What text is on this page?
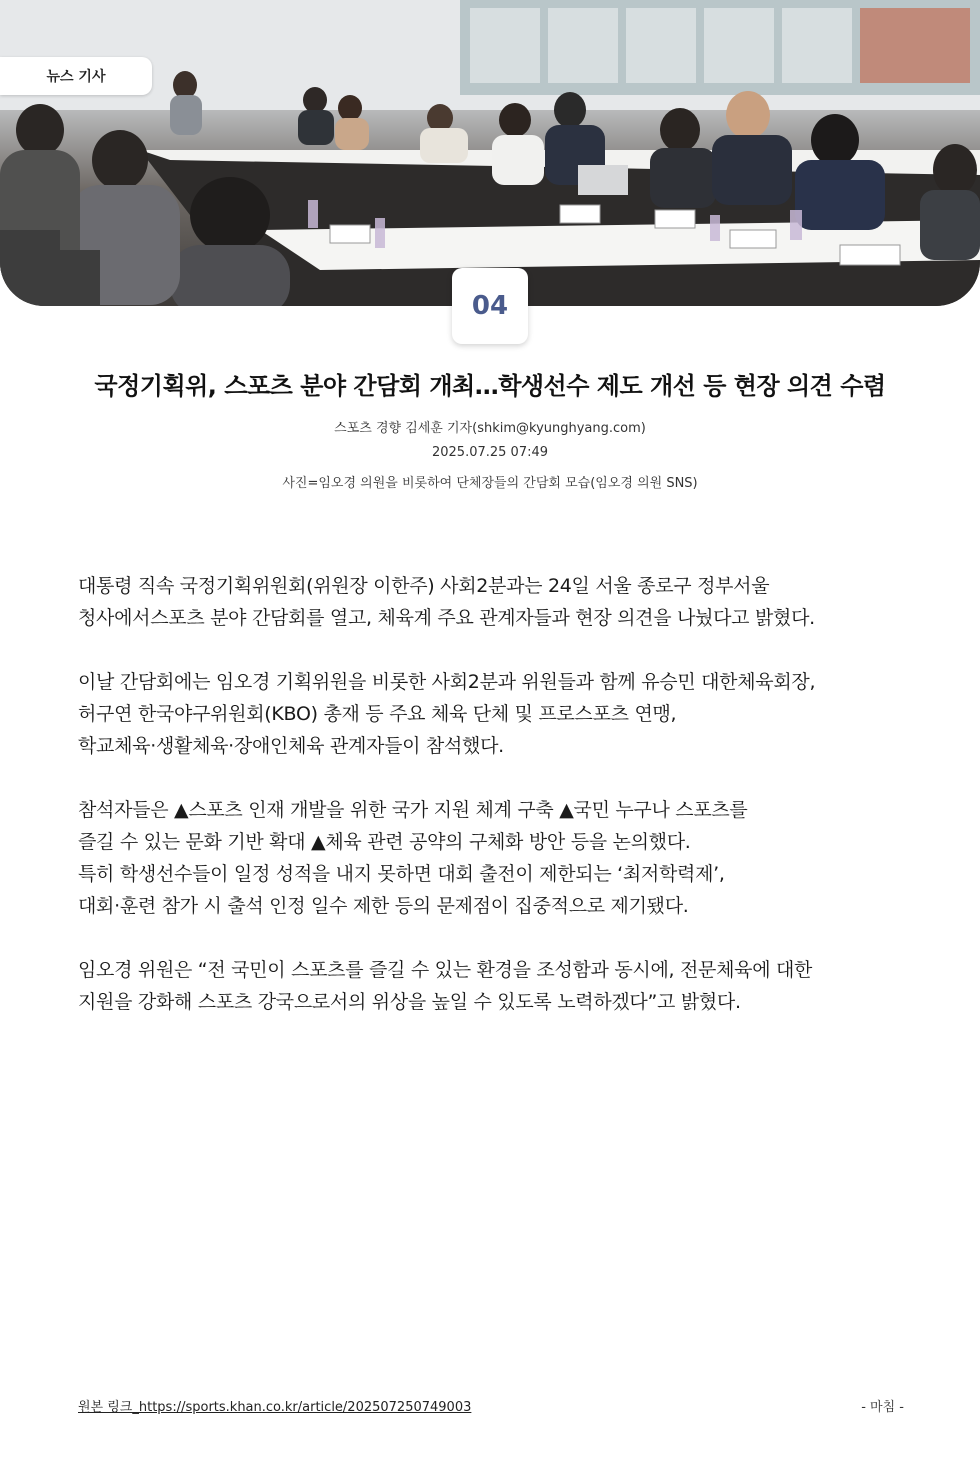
뉴스 기사
04
국정기획위, 스포츠 분야 간담회 개최…학생선수 제도 개선 등 현장 의견 수렴
스포츠 경향 김세훈 기자(shkim@kyunghyang.com)
2025.07.25 07:49
사진=임오경 의원을 비롯하여 단체장들의 간담회 모습(임오경 의원 SNS)

대통령 직속 국정기획위원회(위원장 이한주) 사회2분과는 24일 서울 종로구 정부서울
청사에서스포츠 분야 간담회를 열고, 체육계 주요 관계자들과 현장 의견을 나눴다고 밝혔다.

이날 간담회에는 임오경 기획위원을 비롯한 사회2분과 위원들과 함께 유승민 대한체육회장,
허구연 한국야구위원회(KBO) 총재 등 주요 체육 단체 및 프로스포츠 연맹,
학교체육·생활체육·장애인체육 관계자들이 참석했다.

참석자들은 ▲스포츠 인재 개발을 위한 국가 지원 체계 구축 ▲국민 누구나 스포츠를
즐길 수 있는 문화 기반 확대 ▲체육 관련 공약의 구체화 방안 등을 논의했다.
특히 학생선수들이 일정 성적을 내지 못하면 대회 출전이 제한되는 ‘최저학력제’,
대회·훈련 참가 시 출석 인정 일수 제한 등의 문제점이 집중적으로 제기됐다.

임오경 위원은 “전 국민이 스포츠를 즐길 수 있는 환경을 조성함과 동시에, 전문체육에 대한
지원을 강화해 스포츠 강국으로서의 위상을 높일 수 있도록 노력하겠다”고 밝혔다.

원본 링크_https://sports.khan.co.kr/article/202507250749003	- 마침 -
